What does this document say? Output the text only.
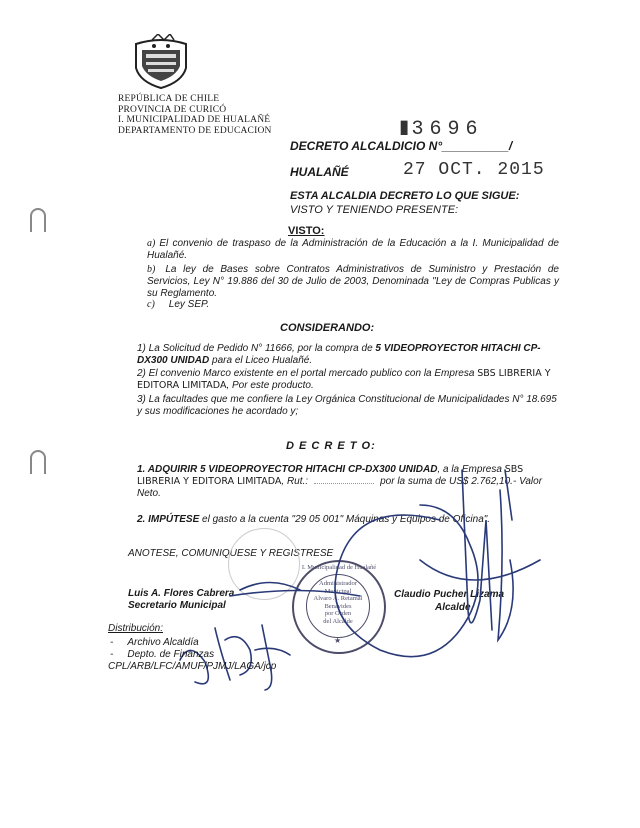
REPÚBLICA DE CHILE
PROVINCIA DE CURICÓ
I. MUNICIPALIDAD DE HUALAÑÉ
DEPARTAMENTO DE EDUCACION	▮3696
DECRETO ALCALDICIO N°__________/
HUALAÑÉ	27 OCT. 2015
ESTA ALCALDIA DECRETO LO QUE SIGUE:
VISTO Y TENIENDO PRESENTE:
VISTO:
a) El convenio de traspaso de la Administración de la Educación a la I. Municipalidad de Hualañé.
b) La ley de Bases sobre Contratos Administrativos de Suministro y Prestación de Servicios, Ley N° 19.886 del 30 de Julio de 2003, Denominada "Ley de Compras Publicas y su Reglamento.
c) Ley SEP.
CONSIDERANDO:
1) La Solicitud de Pedido N° 11666, por la compra de 5 VIDEOPROYECTOR HITACHI CP-DX300 UNIDAD para el Liceo Hualañé.
2) El convenio Marco existente en el portal mercado publico con la Empresa SBS LIBRERIA Y EDITORA LIMITADA, Por este producto.
3) La facultades que me confiere la Ley Orgánica Constitucional de Municipalidades N° 18.695 y sus modificaciones he acordado y;
D E C R E T O:
1. ADQUIRIR 5 VIDEOPROYECTOR HITACHI CP-DX300 UNIDAD, a la Empresa SBS LIBRERIA Y EDITORA LIMITADA, Rut.:	por la suma de US$ 2.762,10.- Valor Neto.
2. IMPÚTESE el gasto a la cuenta "29 05 001" Máquinas y Equipos de Oficina".
ANOTESE, COMUNIQUESE Y REGISTRESE
Luis A. Flores Cabrera
Secretario Municipal
Claudio Pucher Lizama
Alcalde
I. Municipalidad de Hualañé
Administrador
Municipal
Alvaro A. Retamal
Benavides
por Orden
del Alcalde
★
Distribución:
- Archivo Alcaldía
- Depto. de Finanzas
CPL/ARB/LFC/AMUF/PJMJ/LAGA/jcp
